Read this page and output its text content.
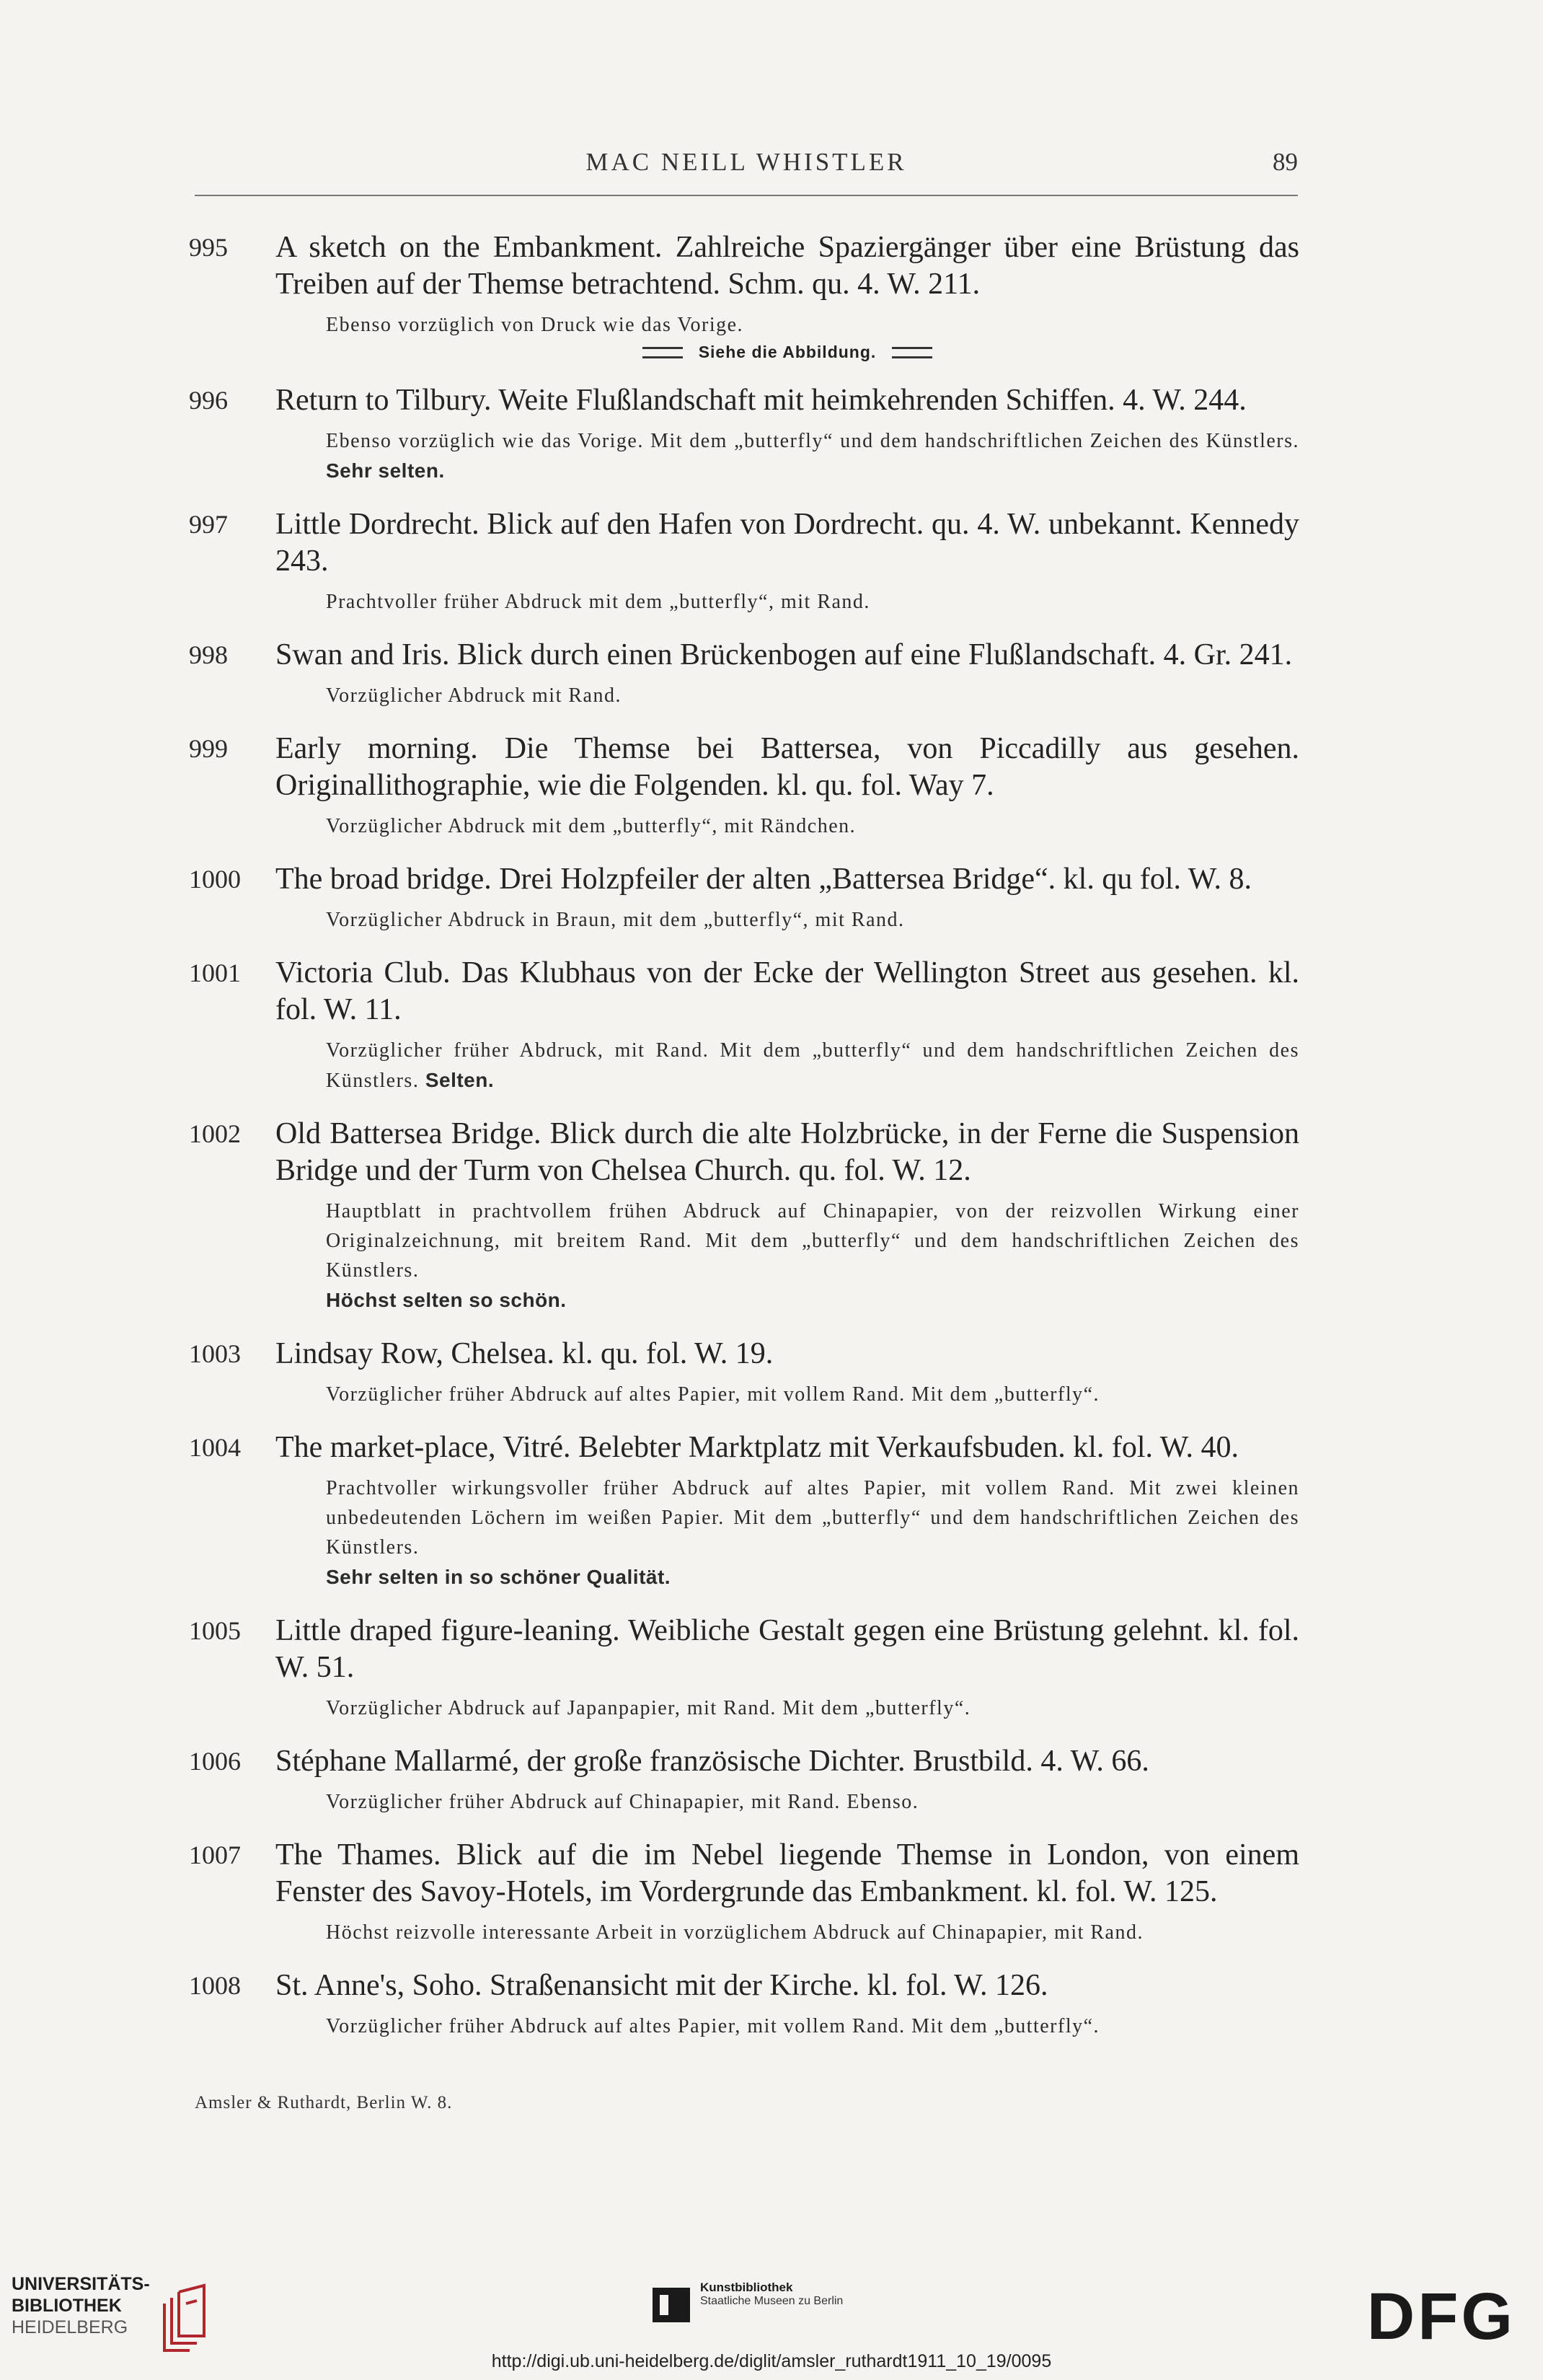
MAC NEILL WHISTLER	89
995 A sketch on the Embankment. Zahlreiche Spaziergänger über eine Brüstung das Treiben auf der Themse betrachtend. Schm. qu. 4. W. 211.

Ebenso vorzüglich von Druck wie das Vorige.
Siehe die Abbildung.
996 Return to Tilbury. Weite Flußlandschaft mit heimkehrenden Schiffen. 4. W. 244.

Ebenso vorzüglich wie das Vorige. Mit dem „butterfly“ und dem handschriftlichen Zeichen des Künstlers. Sehr selten.
997 Little Dordrecht. Blick auf den Hafen von Dordrecht. qu. 4. W. unbekannt. Kennedy 243.

Prachtvoller früher Abdruck mit dem „butterfly“, mit Rand.
998 Swan and Iris. Blick durch einen Brückenbogen auf eine Flußlandschaft. 4. Gr. 241.

Vorzüglicher Abdruck mit Rand.
999 Early morning. Die Themse bei Battersea, von Piccadilly aus gesehen. Originallithographie, wie die Folgenden. kl. qu. fol. Way 7.

Vorzüglicher Abdruck mit dem „butterfly“, mit Rändchen.
1000 The broad bridge. Drei Holzpfeiler der alten „Battersea Bridge“. kl. qu fol. W. 8.

Vorzüglicher Abdruck in Braun, mit dem „butterfly“, mit Rand.
1001 Victoria Club. Das Klubhaus von der Ecke der Wellington Street aus gesehen. kl. fol. W. 11.

Vorzüglicher früher Abdruck, mit Rand. Mit dem „butterfly“ und dem handschriftlichen Zeichen des Künstlers. Selten.
1002 Old Battersea Bridge. Blick durch die alte Holzbrücke, in der Ferne die Suspension Bridge und der Turm von Chelsea Church. qu. fol. W. 12.

Hauptblatt in prachtvollem frühen Abdruck auf Chinapapier, von der reizvollen Wirkung einer Originalzeichnung, mit breitem Rand. Mit dem „butterfly“ und dem handschriftlichen Zeichen des Künstlers.
Höchst selten so schön.
1003 Lindsay Row, Chelsea. kl. qu. fol. W. 19.

Vorzüglicher früher Abdruck auf altes Papier, mit vollem Rand. Mit dem „butterfly“.
1004 The market-place, Vitré. Belebter Marktplatz mit Verkaufsbuden. kl. fol. W. 40.

Prachtvoller wirkungsvoller früher Abdruck auf altes Papier, mit vollem Rand. Mit zwei kleinen unbedeutenden Löchern im weißen Papier. Mit dem „butterfly“ und dem handschriftlichen Zeichen des Künstlers.
Sehr selten in so schöner Qualität.
1005 Little draped figure-leaning. Weibliche Gestalt gegen eine Brüstung gelehnt. kl. fol. W. 51.

Vorzüglicher Abdruck auf Japanpapier, mit Rand. Mit dem „butterfly“.
1006 Stéphane Mallarmé, der große französische Dichter. Brustbild. 4. W. 66.

Vorzüglicher früher Abdruck auf Chinapapier, mit Rand. Ebenso.
1007 The Thames. Blick auf die im Nebel liegende Themse in London, von einem Fenster des Savoy-Hotels, im Vordergrunde das Embankment. kl. fol. W. 125.

Höchst reizvolle interessante Arbeit in vorzüglichem Abdruck auf Chinapapier, mit Rand.
1008 St. Anne's, Soho. Straßenansicht mit der Kirche. kl. fol. W. 126.

Vorzüglicher früher Abdruck auf altes Papier, mit vollem Rand. Mit dem „butterfly“.
Amsler & Ruthardt, Berlin W. 8.
UNIVERSITÄTS-
BIBLIOTHEK
HEIDELBERG
Kunstbibliothek
Staatliche Museen zu Berlin	DFG
http://digi.ub.uni-heidelberg.de/diglit/amsler_ruthardt1911_10_19/0095
